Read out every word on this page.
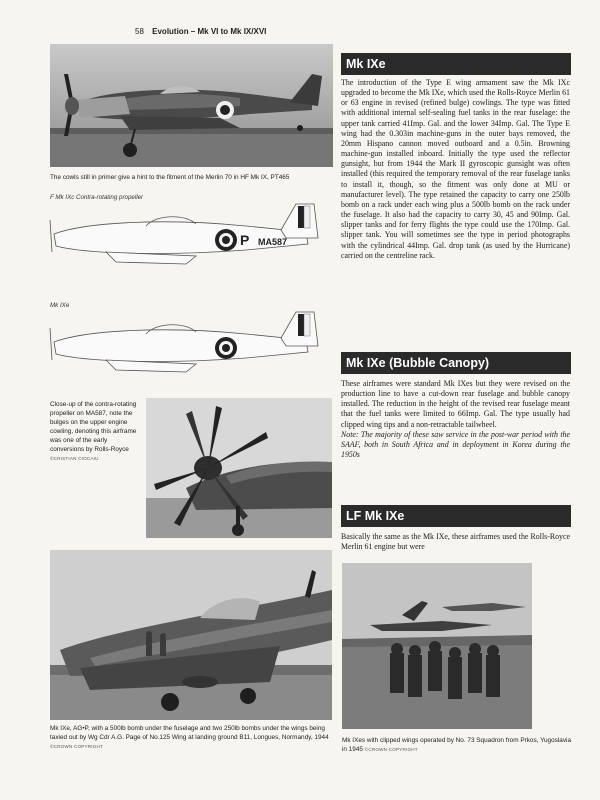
58 Evolution – Mk VI to Mk IX/XVI
The cowls still in primer give a hint to the fitment of the Merlin 70 in HF Mk IX, PT465
F Mk IXc Contra-rotating propeller
P MA587
Mk IXe
Close-up of the contra-rotating propeller on MA587, note the bulges on the upper engine cowling, denoting this airframe was one of the early conversions by Rolls-Royce
©CRISTIAN CIOCAIU
Mk IXe, AG•P, with a 500lb bomb under the fuselage and two 250lb bombs under the wings being taxied out by Wg Cdr A.G. Page of No.125 Wing at landing ground B11, Longues, Normandy, 1944 ©CROWN COPYRIGHT
Mk IXes with clipped wings operated by No. 73 Squadron from Prkos, Yugoslavia in 1945 ©CROWN COPYRIGHT
Mk IXe

The introduction of the Type E wing armament saw the Mk IXc upgraded to become the Mk IXe, which used the Rolls-Royce Merlin 61 or 63 engine in revised (refined bulge) cowlings. The type was fitted with additional internal self-sealing fuel tanks in the rear fuselage: the upper tank carried 41Imp. Gal. and the lower 34Imp. Gal. The Type E wing had the 0.303in machine-guns in the outer bays removed, the 20mm Hispano cannon moved outboard and a 0.5in. Browning machine-gun installed inboard. Initially the type used the reflector gunsight, but from 1944 the Mark II gyroscopic gunsight was often installed (this required the temporary removal of the rear fuselage tanks to install it, though, so the fitment was only done at MU or manufacturer level). The type retained the capacity to carry one 250lb bomb on a rack under each wing plus a 500lb bomb on the rack under the fuselage. It also had the capacity to carry 30, 45 and 90Imp. Gal. slipper tanks and for ferry flights the type could use the 170Imp. Gal. slipper tank. You will sometimes see the type in period photographs with the cylindrical 44Imp. Gal. drop tank (as used by the Hurricane) carried on the centreline rack.

Mk IXe (Bubble Canopy)

These airframes were standard Mk IXes but they were revised on the production line to have a cut-down rear fuselage and bubble canopy installed. The reduction in the height of the revised rear fuselage meant that the fuel tanks were limited to 66Imp. Gal. The type usually had clipped wing tips and a non-retractable tailwheel.

Note: The majority of these saw service in the post-war period with the SAAF, both in South Africa and in deployment in Korea during the 1950s

LF Mk IXe

Basically the same as the Mk IXe, these airframes used the Rolls-Royce Merlin 61 engine but were
